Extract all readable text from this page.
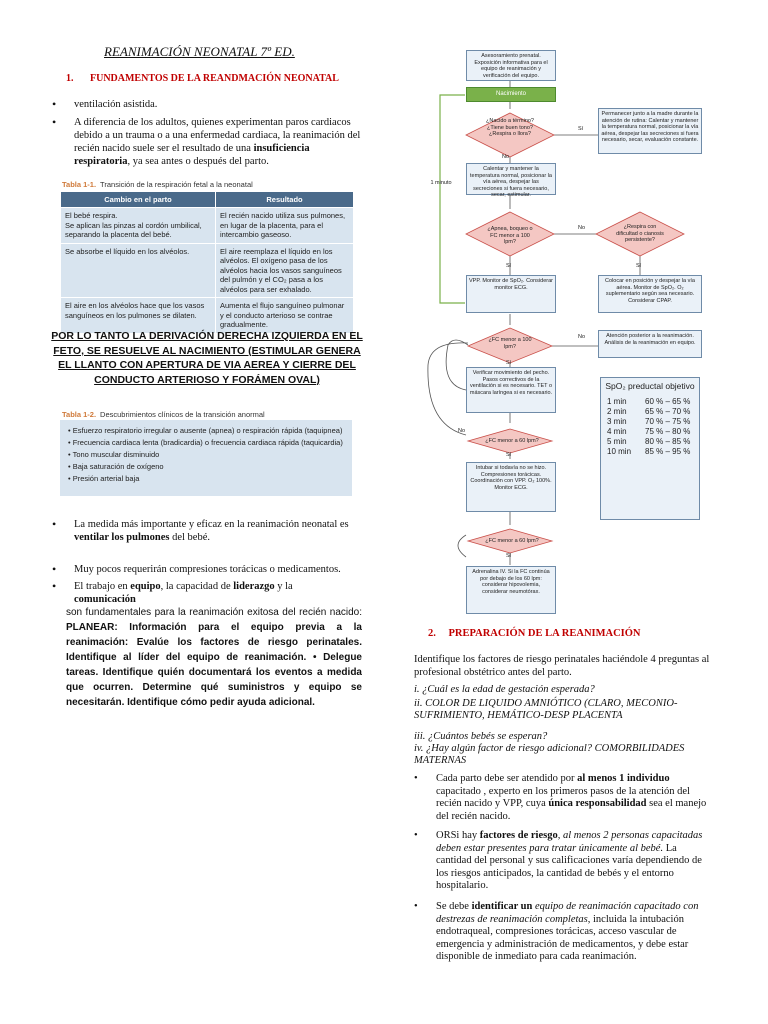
REANIMACIÓN NEONATAL 7º ED.
1. FUNDAMENTOS DE LA REANDMACIÓN NEONATAL
•	ventilación asistida.
•	A diferencia de los adultos, quienes experimentan paros cardiacos debido a un trauma o a una enfermedad cardiaca, la reanimación del recién nacido suele ser el resultado de una insuficiencia respiratoria, ya sea antes o después del parto.
Tabla 1-1. Transición de la respiración fetal a la neonatal
Cambio en el parto	Resultado
El bebé respira.
Se aplican las pinzas al cordón umbilical, separando la placenta del bebé.	El recién nacido utiliza sus pulmones, en lugar de la placenta, para el intercambio gaseoso.
Se absorbe el líquido en los alvéolos.	El aire reemplaza el líquido en los alvéolos. El oxígeno pasa de los alvéolos hacia los vasos sanguíneos del pulmón y el CO₂ pasa a los alvéolos para ser exhalado.
El aire en los alvéolos hace que los vasos sanguíneos en los pulmones se dilaten.	Aumenta el flujo sanguíneo pulmonar y el conducto arterioso se contrae gradualmente.
POR LO TANTO LA DERIVACIÓN DERECHA IZQUIERDA EN EL FETO, SE RESUELVE AL NACIMIENTO (ESTIMULAR GENERA EL LLANTO CON APERTURA DE VIA AEREA Y CIERRE DEL CONDUCTO ARTERIOSO Y FORÁMEN OVAL)
Tabla 1-2. Descubrimientos clínicos de la transición anormal
• Esfuerzo respiratorio irregular o ausente (apnea) o respiración rápida (taquipnea)
• Frecuencia cardiaca lenta (bradicardia) o frecuencia cardiaca rápida (taquicardia)
• Tono muscular disminuido
• Baja saturación de oxígeno
• Presión arterial baja
•	La medida más importante y eficaz en la reanimación neonatal es
ventilar los pulmones del bebé.
•	Muy pocos requerirán compresiones torácicas o medicamentos.
•	El trabajo en equipo, la capacidad de liderazgo y la
comunicación
son fundamentales para la reanimación exitosa del recién nacido: PLANEAR: Información para el equipo previa a la reanimación: Evalúe los factores de riesgo perinatales. Identifique al líder del equipo de reanimación. • Delegue tareas. Identifique quién documentará los eventos a medida que ocurren. Determine qué suministros y equipo se necesitarán. Identifique cómo pedir ayuda adicional.
Asesoramiento prenatal. Exposición informativa para el equipo de reanimación y verificación del equipo.
Nacimiento
¿Nacido a término? ¿Tiene buen tono? ¿Respira o llora?
Sí
No
Permanecer junto a la madre durante la atención de rutina: Calentar y mantener la temperatura normal, posicionar la vía aérea, despejar las secreciones si fuera necesario, secar, evaluación constante.
Calentar y mantener la temperatura normal, posicionar la vía aérea, despejar las secreciones si fuera necesario, secar, estimular.
1 minuto
¿Apnea, boqueo o FC menor a 100 lpm?
¿Respira con dificultad o cianosis persistente?
No
Sí	Sí
VPP. Monitor de SpO₂. Considerar monitor ECG.
Colocar en posición y despejar la vía aérea. Monitor de SpO₂. O₂ suplementario según sea necesario. Considerar CPAP.
¿FC menor a 100 lpm?
No	Atención posterior a la reanimación. Análisis de la reanimación en equipo.
Sí
Verificar movimiento del pecho. Pasos correctivos de la ventilación si es necesario. TET o máscara laríngea si es necesario.
No
¿FC menor a 60 lpm?
Sí
Intubar si todavía no se hizo. Compresiones torácicas. Coordinación con VPP. O₂ 100%. Monitor ECG.
¿FC menor a 60 lpm?
Sí
Adrenalina IV. Si la FC continúa por debajo de los 60 lpm: considerar hipovolemia, considerar neumotórax.
SpO₂ preductal objetivo
1 min	60 % – 65 %
2 min	65 % – 70 %
3 min	70 % – 75 %
4 min	75 % – 80 %
5 min	80 % – 85 %
10 min	85 % – 95 %
2. PREPARACIÓN DE LA REANIMACIÓN
Identifique los factores de riesgo perinatales haciéndole 4 preguntas al profesional obstétrico antes del parto.
i. ¿Cuál es la edad de gestación esperada?
ii. COLOR DE LIQUIDO AMNIÓTICO (CLARO, MECONIO-SUFRIMIENTO, HEMÁTICO-DESP PLACENTA
iii. ¿Cuántos bebés se esperan?
iv. ¿Hay algún factor de riesgo adicional? COMORBILIDADES MATERNAS
•	Cada parto debe ser atendido por al menos 1 individuo capacitado , experto en los primeros pasos de la atención del recién nacido y VPP, cuya única responsabilidad sea el manejo del recién nacido.
•	ORSi hay factores de riesgo, al menos 2 personas capacitadas deben estar presentes para tratar únicamente al bebé. La cantidad del personal y sus calificaciones varía dependiendo de los riesgos anticipados, la cantidad de bebés y el entorno hospitalario.
•	Se debe identificar un equipo de reanimación capacitado con destrezas de reanimación completas, incluida la intubación endotraqueal, compresiones torácicas, acceso vascular de emergencia y administración de medicamentos, y debe estar disponible de inmediato para cada reanimación.
